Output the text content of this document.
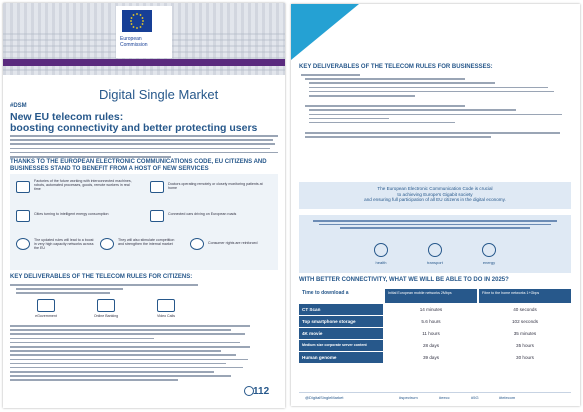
European
Commission
Digital Single Market
#DSM
New EU telecom rules:
boosting connectivity and better protecting users
THANKS TO THE EUROPEAN ELECTRONIC COMMUNICATIONS CODE, EU CITIZENS AND BUSINESSES STAND TO BENEFIT FROM A HOST OF NEW SERVICES
Factories of the future working with interconnected machines, robots, automated processes, goods, remote workers in real time
Doctors operating remotely or closely monitoring patients at home
Cities turning to intelligent energy consumption	Connected cars driving on European roads
The updated rules will lead to a boost in very high capacity networks across the EU
They will also stimulate competition and strengthen the internal market	Consumer rights are reinforced
KEY DELIVERABLES OF THE TELECOM RULES FOR CITIZENS:
eGovernment	Online Banking	Video Calls
112
KEY DELIVERABLES OF THE TELECOM RULES FOR BUSINESSES:
The European Electronic Communication Code is crucial
to achieving Europe's Gigabit society
and ensuring full participation of all EU citizens in the digital economy.
health	transport	energy
WITH BETTER CONNECTIVITY, WHAT WE WILL BE ABLE TO DO IN 2025?
Time to download a	Initial European mobile networks 2Mbps	Fibre to the home networks 1+Gbps
CT Scan	14 minutes	40 seconds
Top smartphone storage	5.6 hours	102 seconds
4K movie	11 hours	35 minutes
Medium size corporate server content	28 days	35 hours
Human genome	39 days	30 hours
@DigitalSingleMarket	#spectrum	#eecc	#5G	#telecom
